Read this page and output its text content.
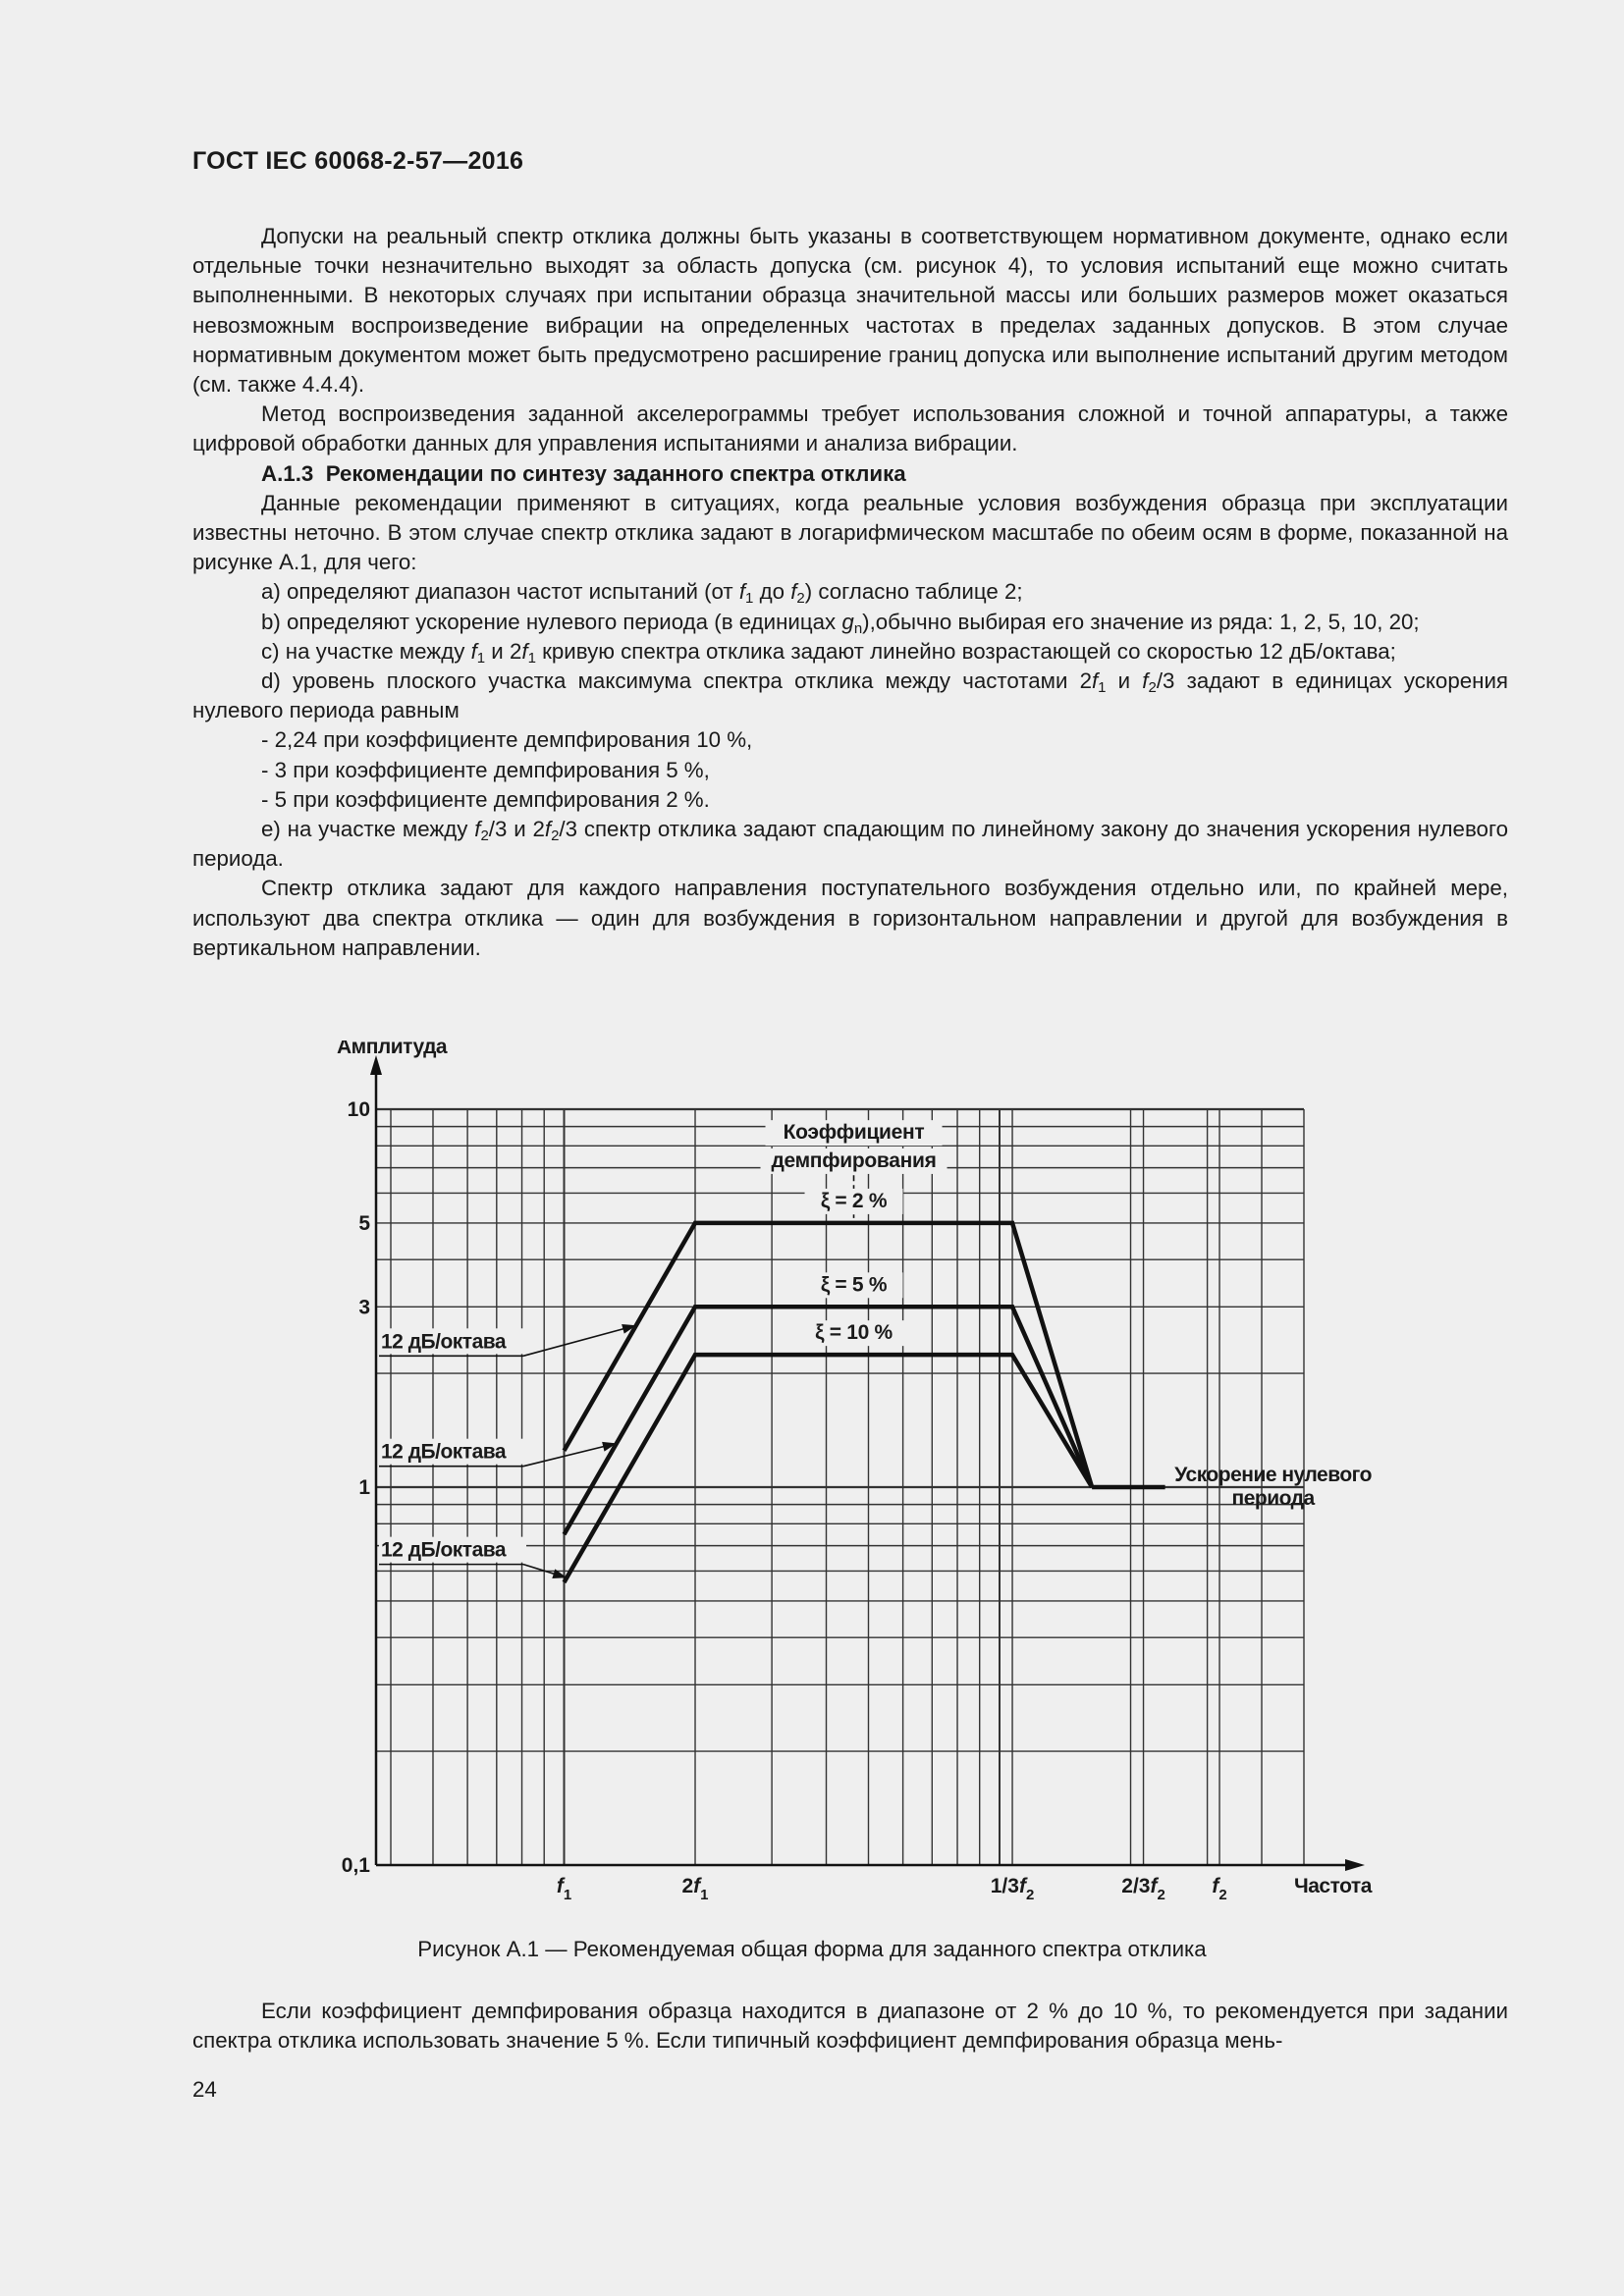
ГОСТ IEC 60068-2-57—2016

Допуски на реальный спектр отклика должны быть указаны в соответствующем нормативном документе, однако если отдельные точки незначительно выходят за область допуска (см. рисунок 4), то условия испытаний еще можно считать выполненными. В некоторых случаях при испытании образца значительной массы или больших размеров может оказаться невозможным воспроизведение вибрации на определенных частотах в пределах заданных допусков. В этом случае нормативным документом может быть предусмотрено расширение границ допуска или выполнение испытаний другим методом (см. также 4.4.4).

Метод воспроизведения заданной акселерограммы требует использования сложной и точной аппаратуры, а также цифровой обработки данных для управления испытаниями и анализа вибрации.

А.1.3 Рекомендации по синтезу заданного спектра отклика

Данные рекомендации применяют в ситуациях, когда реальные условия возбуждения образца при эксплуатации известны неточно. В этом случае спектр отклика задают в логарифмическом масштабе по обеим осям в форме, показанной на рисунке А.1, для чего:

а) определяют диапазон частот испытаний (от $f_1$ до $f_2$) согласно таблице 2;

b) определяют ускорение нулевого периода (в единицах $g_n),обычно$ выбирая его значение из ряда: 1, 2, 5, 10, 20;

с) на участке между $f_1$ и $2f_1$ кривую спектра отклика задают линейно возрастающей со скоростью 12 дБ/октава;

d) уровень плоского участка максимума спектра отклика между частотами $2f_1$ и $f_2/3$ задают в единицах ускорения нулевого периода равным

- 2,24 при коэффициенте демпфирования 10 %,

- 3 при коэффициенте демпфирования 5 %,

- 5 при коэффициенте демпфирования 2 %.

е) на участке между $f_2/3$ и $2f_2/3$ спектр отклика задают спадающим по линейному закону до значения ускорения нулевого периода.

Спектр отклика задают для каждого направления поступательного возбуждения отдельно или, по крайней мере, используют два спектра отклика — один для возбуждения в горизонтальном направлении и другой для возбуждения в вертикальном направлении.

Амплитуда
Частота
10
5
3
1
0,1
$f_1$	$2f_1$	$1/3f_2$	$2/3f_2$ $f_2$
Коэффициент
демпфирования
ξ = 2 %
ξ = 5 %
ξ = 10 %
12 дБ/октава
12 дБ/октава
12 дБ/октава
Ускорение нулевого
периода
Рисунок А.1 — Рекомендуемая общая форма для заданного спектра отклика

Если коэффициент демпфирования образца находится в диапазоне от 2 % до 10 %, то рекомендуется при задании спектра отклика использовать значение 5 %. Если типичный коэффициент демпфирования образца мень-

24
